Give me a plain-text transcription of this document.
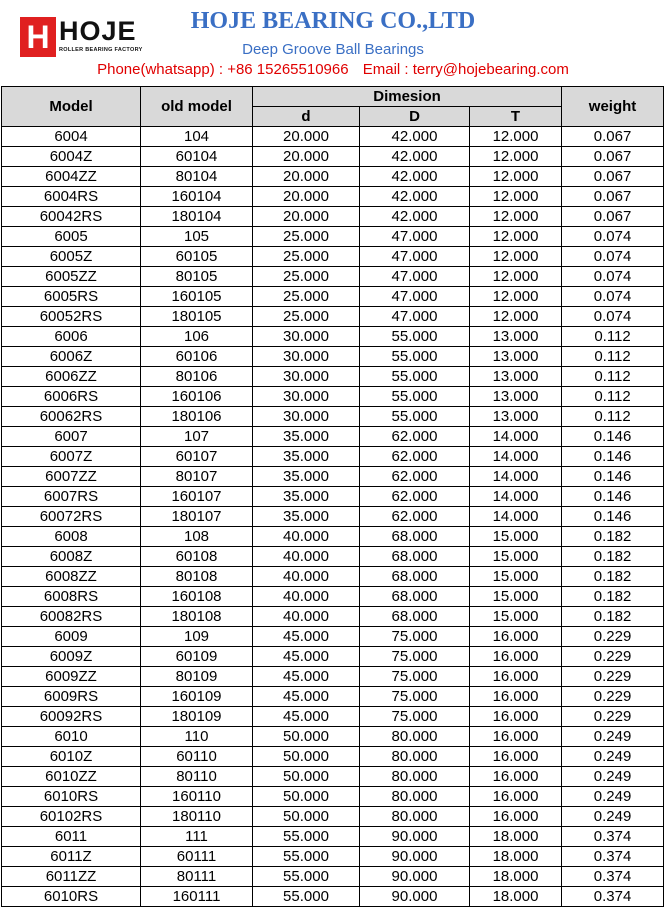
H HOJE
ROLLER BEARING FACTORY
HOJE BEARING CO.,LTD
Deep Groove Ball Bearings
Phone(whatsapp) : +86 15265510966 Email : terry@hojebearing.com
Model	old model	Dimesion			weight
		d	D	T	
6004	104	20.000	42.000	12.000	0.067
6004Z	60104	20.000	42.000	12.000	0.067
6004ZZ	80104	20.000	42.000	12.000	0.067
6004RS	160104	20.000	42.000	12.000	0.067
60042RS	180104	20.000	42.000	12.000	0.067
6005	105	25.000	47.000	12.000	0.074
6005Z	60105	25.000	47.000	12.000	0.074
6005ZZ	80105	25.000	47.000	12.000	0.074
6005RS	160105	25.000	47.000	12.000	0.074
60052RS	180105	25.000	47.000	12.000	0.074
6006	106	30.000	55.000	13.000	0.112
6006Z	60106	30.000	55.000	13.000	0.112
6006ZZ	80106	30.000	55.000	13.000	0.112
6006RS	160106	30.000	55.000	13.000	0.112
60062RS	180106	30.000	55.000	13.000	0.112
6007	107	35.000	62.000	14.000	0.146
6007Z	60107	35.000	62.000	14.000	0.146
6007ZZ	80107	35.000	62.000	14.000	0.146
6007RS	160107	35.000	62.000	14.000	0.146
60072RS	180107	35.000	62.000	14.000	0.146
6008	108	40.000	68.000	15.000	0.182
6008Z	60108	40.000	68.000	15.000	0.182
6008ZZ	80108	40.000	68.000	15.000	0.182
6008RS	160108	40.000	68.000	15.000	0.182
60082RS	180108	40.000	68.000	15.000	0.182
6009	109	45.000	75.000	16.000	0.229
6009Z	60109	45.000	75.000	16.000	0.229
6009ZZ	80109	45.000	75.000	16.000	0.229
6009RS	160109	45.000	75.000	16.000	0.229
60092RS	180109	45.000	75.000	16.000	0.229
6010	110	50.000	80.000	16.000	0.249
6010Z	60110	50.000	80.000	16.000	0.249
6010ZZ	80110	50.000	80.000	16.000	0.249
6010RS	160110	50.000	80.000	16.000	0.249
60102RS	180110	50.000	80.000	16.000	0.249
6011	111	55.000	90.000	18.000	0.374
6011Z	60111	55.000	90.000	18.000	0.374
6011ZZ	80111	55.000	90.000	18.000	0.374
6010RS	160111	55.000	90.000	18.000	0.374
